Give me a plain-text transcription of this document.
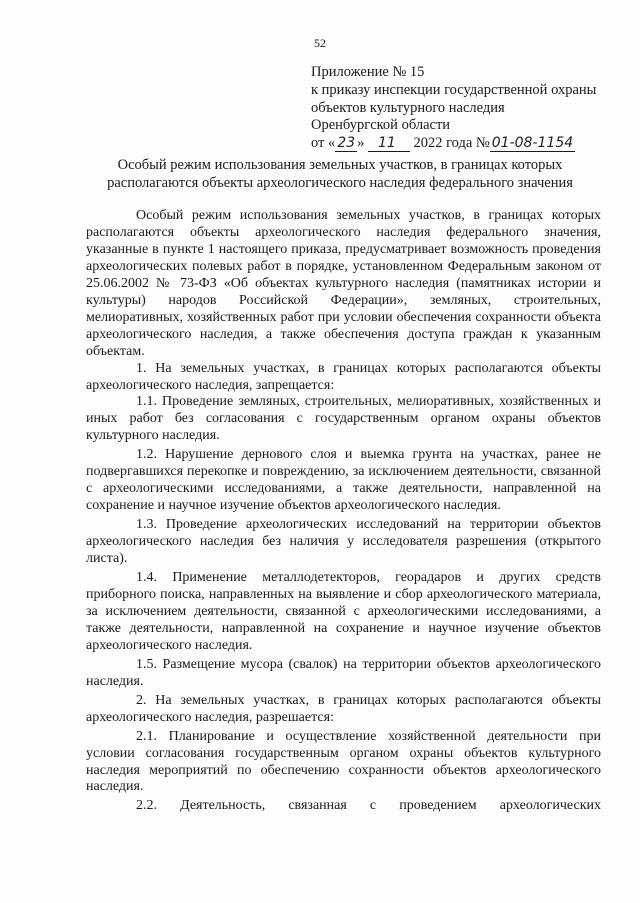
52
Приложение № 15
к приказу инспекции государственной охраны
объектов культурного наследия
Оренбургской области
от « 23 » 11 2022 года № 01-08-1154
Особый режим использования земельных участков, в границах которых располагаются объекты археологического наследия федерального значения

Особый режим использования земельных участков, в границах которых располагаются объекты археологического наследия федерального значения, указанные в пункте 1 настоящего приказа, предусматривает возможность проведения археологических полевых работ в порядке, установленном Федеральным законом от 25.06.2002 № 73-ФЗ «Об объектах культурного наследия (памятниках истории и культуры) народов Российской Федерации», земляных, строительных, мелиоративных, хозяйственных работ при условии обеспечения сохранности объекта археологического наследия, а также обеспечения доступа граждан к указанным объектам.

1. На земельных участках, в границах которых располагаются объекты археологического наследия, запрещается:

1.1. Проведение земляных, строительных, мелиоративных, хозяйственных и иных работ без согласования с государственным органом охраны объектов культурного наследия.

1.2. Нарушение дернового слоя и выемка грунта на участках, ранее не подвергавшихся перекопке и повреждению, за исключением деятельности, связанной с археологическими исследованиями, а также деятельности, направленной на сохранение и научное изучение объектов археологического наследия.

1.3. Проведение археологических исследований на территории объектов археологического наследия без наличия у исследователя разрешения (открытого листа).

1.4. Применение металлодетекторов, георадаров и других средств приборного поиска, направленных на выявление и сбор археологического материала, за исключением деятельности, связанной с археологическими исследованиями, а также деятельности, направленной на сохранение и научное изучение объектов археологического наследия.

1.5. Размещение мусора (свалок) на территории объектов археологического наследия.

2. На земельных участках, в границах которых располагаются объекты археологического наследия, разрешается:

2.1. Планирование и осуществление хозяйственной деятельности при условии согласования государственным органом охраны объектов культурного наследия мероприятий по обеспечению сохранности объектов археологического наследия.

2.2. Деятельность, связанная с проведением археологических
